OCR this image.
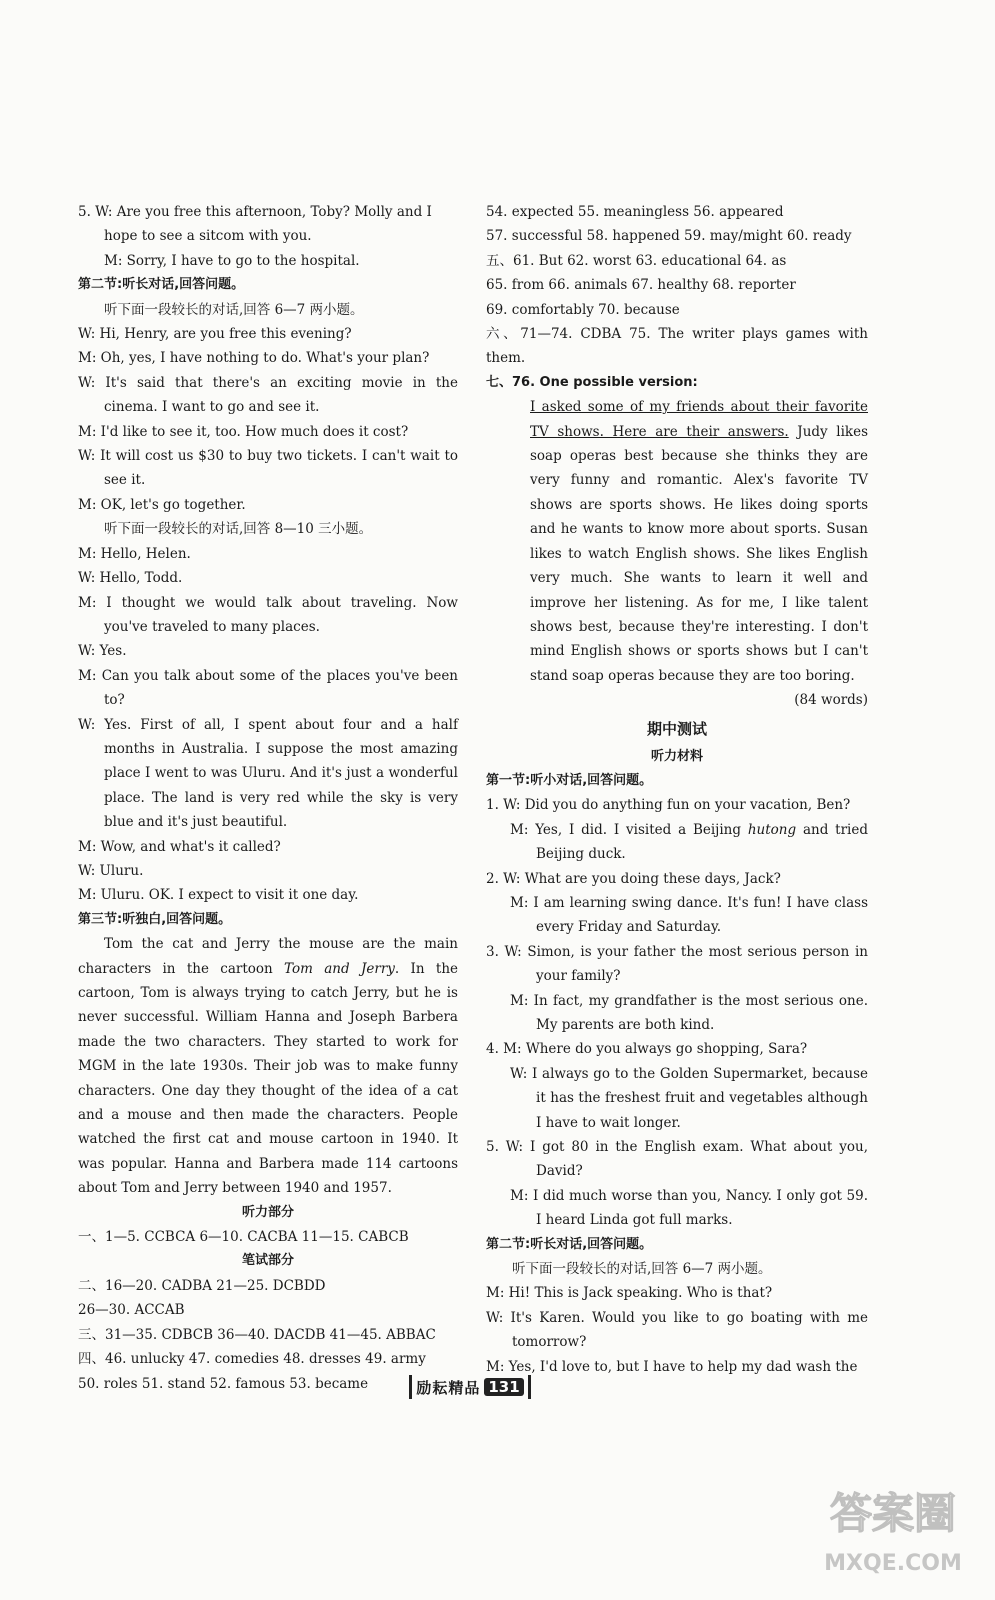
5. W: Are you free this afternoon, Toby? Molly and I
hope to see a sitcom with you.
M: Sorry, I have to go to the hospital.
第二节:听长对话,回答问题。
听下面一段较长的对话,回答 6—7 两小题。
W: Hi, Henry, are you free this evening?
M: Oh, yes, I have nothing to do. What's your plan?
W: It's said that there's an exciting movie in the cinema. I want to go and see it.
M: I'd like to see it, too. How much does it cost?
W: It will cost us $30 to buy two tickets. I can't wait to see it.
M: OK, let's go together.
听下面一段较长的对话,回答 8—10 三小题。
M: Hello, Helen.
W: Hello, Todd.
M: I thought we would talk about traveling. Now you've traveled to many places.
W: Yes.
M: Can you talk about some of the places you've been to?
W: Yes. First of all, I spent about four and a half months in Australia. I suppose the most amazing place I went to was Uluru. And it's just a wonderful place. The land is very red while the sky is very blue and it's just beautiful.
M: Wow, and what's it called?
W: Uluru.
M: Uluru. OK. I expect to visit it one day.
第三节:听独白,回答问题。
Tom the cat and Jerry the mouse are the main characters in the cartoon Tom and Jerry. In the cartoon, Tom is always trying to catch Jerry, but he is never successful. William Hanna and Joseph Barbera made the two characters. They started to work for MGM in the late 1930s. Their job was to make funny characters. One day they thought of the idea of a cat and a mouse and then made the characters. People watched the first cat and mouse cartoon in 1940. It was popular. Hanna and Barbera made 114 cartoons about Tom and Jerry between 1940 and 1957.
听力部分
一、1—5. CCBCA 6—10. CACBA 11—15. CABCB
笔试部分
二、16—20. CADBA 21—25. DCBDD
26—30. ACCAB
三、31—35. CDBCB 36—40. DACDB 41—45. ABBAC
四、46. unlucky 47. comedies 48. dresses 49. army
50. roles 51. stand 52. famous 53. became
54. expected 55. meaningless 56. appeared
57. successful 58. happened 59. may/might 60. ready
五、61. But 62. worst 63. educational 64. as
65. from 66. animals 67. healthy 68. reporter
69. comfortably 70. because
六、71—74. CDBA 75. The writer plays games with them.
七、76. One possible version:
I asked some of my friends about their favorite TV shows. Here are their answers. Judy likes soap operas best because she thinks they are very funny and romantic. Alex's favorite TV shows are sports shows. He likes doing sports and he wants to know more about sports. Susan likes to watch English shows. She likes English very much. She wants to learn it well and improve her listening. As for me, I like talent shows best, because they're interesting. I don't mind English shows or sports shows but I can't stand soap operas because they are too boring.
(84 words)
期中测试
听力材料
第一节:听小对话,回答问题。
1. W: Did you do anything fun on your vacation, Ben?
M: Yes, I did. I visited a Beijing hutong and tried Beijing duck.
2. W: What are you doing these days, Jack?
M: I am learning swing dance. It's fun! I have class every Friday and Saturday.
3. W: Simon, is your father the most serious person in your family?
M: In fact, my grandfather is the most serious one. My parents are both kind.
4. M: Where do you always go shopping, Sara?
W: I always go to the Golden Supermarket, because it has the freshest fruit and vegetables although I have to wait longer.
5. W: I got 80 in the English exam. What about you, David?
M: I did much worse than you, Nancy. I only got 59. I heard Linda got full marks.
第二节:听长对话,回答问题。
听下面一段较长的对话,回答 6—7 两小题。
M: Hi! This is Jack speaking. Who is that?
W: It's Karen. Would you like to go boating with me tomorrow?
M: Yes, I'd love to, but I have to help my dad wash the
励耘精品 131
答案圈
MXQE.COM
